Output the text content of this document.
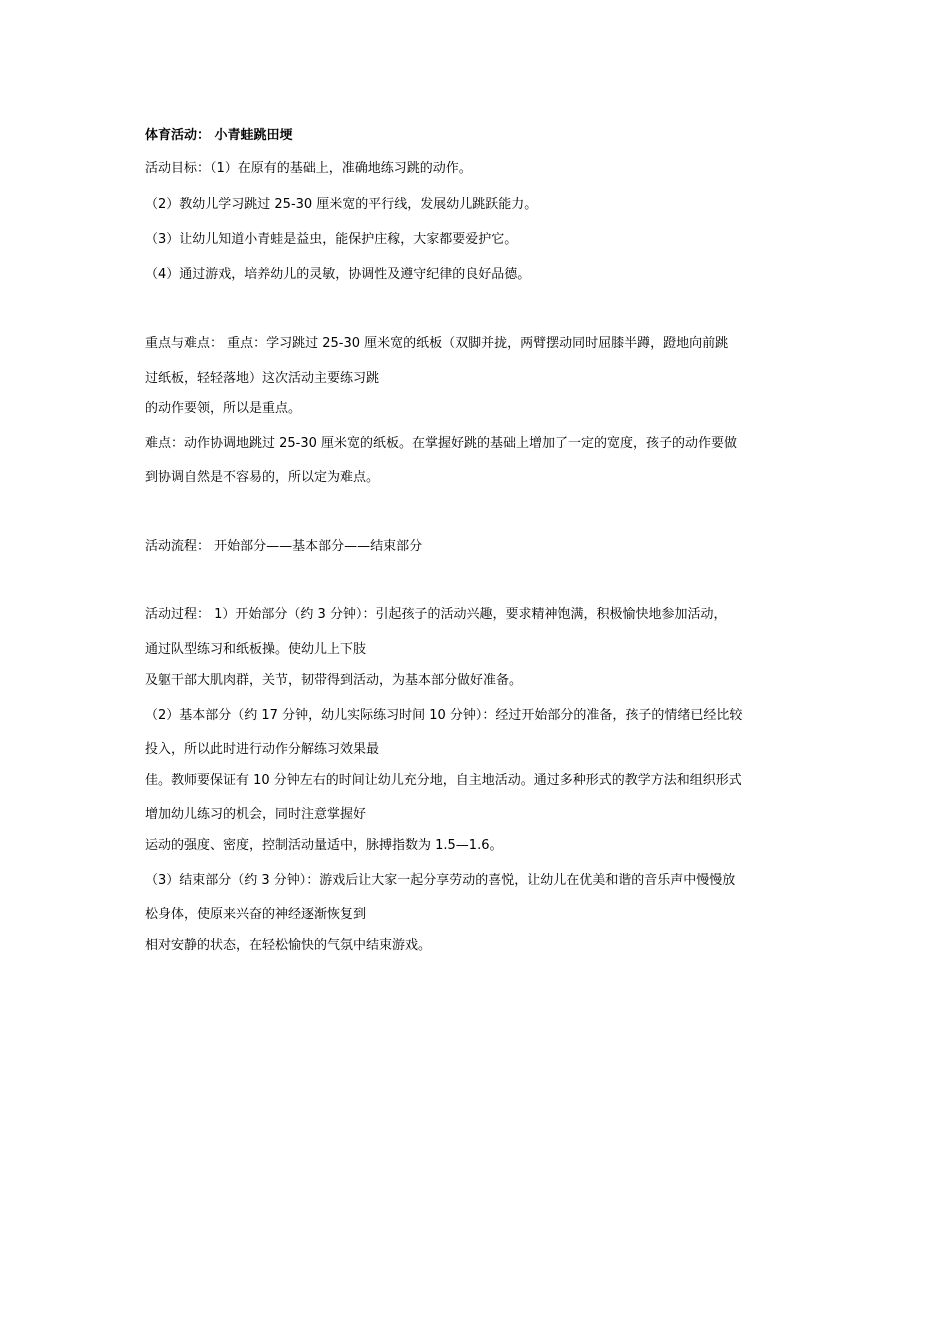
体育活动： 小青蛙跳田埂
活动目标：（1）在原有的基础上，准确地练习跳的动作。
（2）教幼儿学习跳过 25-30 厘米宽的平行线，发展幼儿跳跃能力。
（3）让幼儿知道小青蛙是益虫，能保护庄稼，大家都要爱护它。
（4）通过游戏，培养幼儿的灵敏，协调性及遵守纪律的良好品德。
重点与难点： 重点：学习跳过 25-30 厘米宽的纸板（双脚并拢，两臂摆动同时屈膝半蹲，蹬地向前跳
过纸板，轻轻落地）这次活动主要练习跳
的动作要领，所以是重点。
难点：动作协调地跳过 25-30 厘米宽的纸板。在掌握好跳的基础上增加了一定的宽度，孩子的动作要做
到协调自然是不容易的，所以定为难点。
活动流程： 开始部分——基本部分——结束部分
活动过程： 1）开始部分（约 3 分钟）：引起孩子的活动兴趣，要求精神饱满，积极愉快地参加活动，
通过队型练习和纸板操。使幼儿上下肢
及躯干部大肌肉群，关节，韧带得到活动，为基本部分做好准备。
（2）基本部分（约 17 分钟，幼儿实际练习时间 10 分钟）：经过开始部分的准备，孩子的情绪已经比较
投入，所以此时进行动作分解练习效果最
佳。教师要保证有 10 分钟左右的时间让幼儿充分地，自主地活动。通过多种形式的教学方法和组织形式
增加幼儿练习的机会，同时注意掌握好
运动的强度、密度，控制活动量适中，脉搏指数为 1.5—1.6。
（3）结束部分（约 3 分钟）：游戏后让大家一起分享劳动的喜悦，让幼儿在优美和谐的音乐声中慢慢放
松身体，使原来兴奋的神经逐渐恢复到
相对安静的状态，在轻松愉快的气氛中结束游戏。
